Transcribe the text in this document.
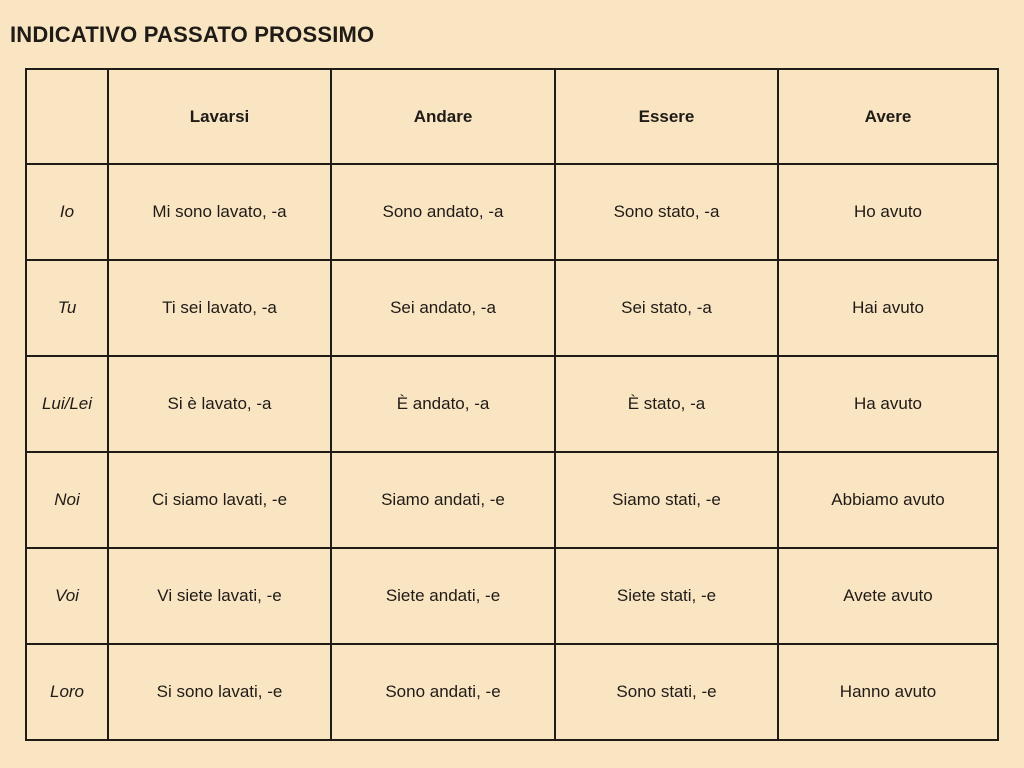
INDICATIVO PASSATO PROSSIMO
	Lavarsi	Andare	Essere	Avere
Io	Mi sono lavato, -a	Sono andato, -a	Sono stato, -a	Ho avuto
Tu	Ti sei lavato, -a	Sei andato, -a	Sei stato, -a	Hai avuto
Lui/Lei	Si è lavato, -a	È andato, -a	È stato, -a	Ha avuto
Noi	Ci siamo lavati, -e	Siamo andati, -e	Siamo stati, -e	Abbiamo avuto
Voi	Vi siete lavati, -e	Siete andati, -e	Siete stati, -e	Avete avuto
Loro	Si sono lavati, -e	Sono andati, -e	Sono stati, -e	Hanno avuto
